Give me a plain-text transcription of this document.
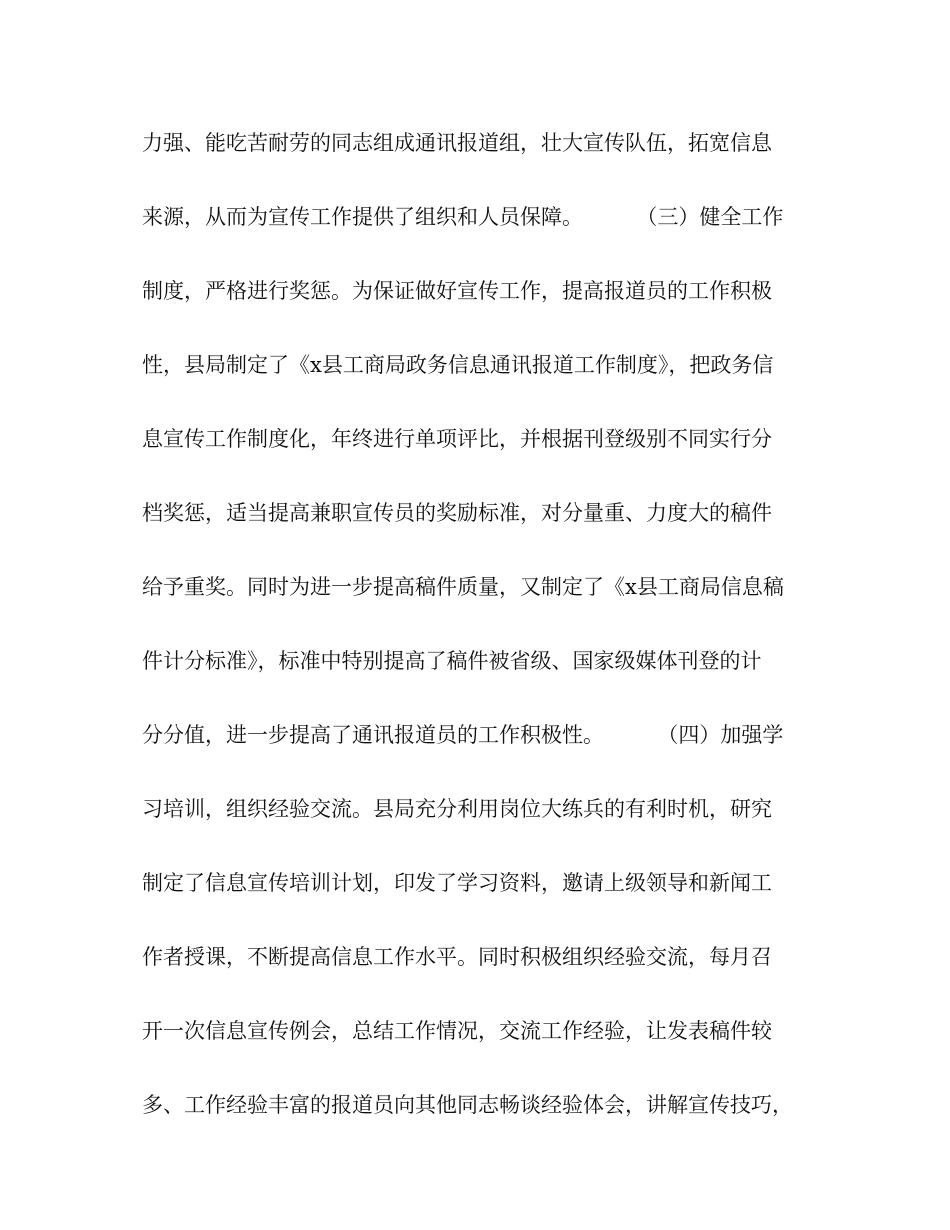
力强、能吃苦耐劳的同志组成通讯报道组，壮大宣传队伍，拓宽信息
来源，从而为宣传工作提供了组织和人员保障。        （三）健全工作
制度，严格进行奖惩。为保证做好宣传工作，提高报道员的工作积极
性，县局制定了《x县工商局政务信息通讯报道工作制度》，把政务信
息宣传工作制度化，年终进行单项评比，并根据刊登级别不同实行分
档奖惩，适当提高兼职宣传员的奖励标准，对分量重、力度大的稿件
给予重奖。同时为进一步提高稿件质量，又制定了《x县工商局信息稿
件计分标准》，标准中特别提高了稿件被省级、国家级媒体刊登的计
分分值，进一步提高了通讯报道员的工作积极性。        （四）加强学
习培训，组织经验交流。县局充分利用岗位大练兵的有利时机，研究
制定了信息宣传培训计划，印发了学习资料，邀请上级领导和新闻工
作者授课，不断提高信息工作水平。同时积极组织经验交流，每月召
开一次信息宣传例会，总结工作情况，交流工作经验，让发表稿件较
多、工作经验丰富的报道员向其他同志畅谈经验体会，讲解宣传技巧，
